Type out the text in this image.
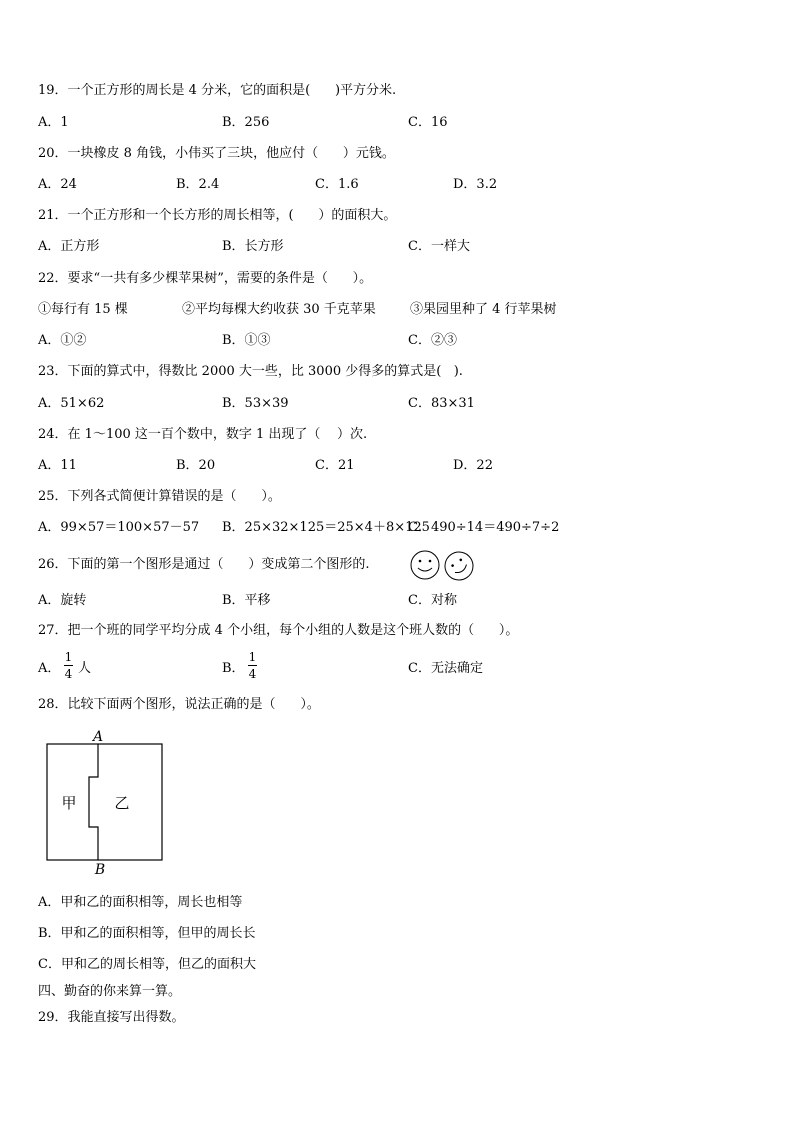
19．一个正方形的周长是 4 分米，它的面积是(      )平方分米.
A．1	B．256	C．16
20．一块橡皮 8 角钱，小伟买了三块，他应付（      ）元钱。
A．24	B．2.4	C．1.6	D．3.2
21．一个正方形和一个长方形的周长相等，(      ）的面积大。
A．正方形	B．长方形	C．一样大
22．要求“一共有多少棵苹果树”，需要的条件是（      ）。
①每行有 15 棵	②平均每棵大约收获 30 千克苹果	③果园里种了 4 行苹果树
A．①②	B．①③	C．②③
23．下面的算式中，得数比 2000 大一些，比 3000 少得多的算式是(   ).
A．51×62	B．53×39	C．83×31
24．在 1～100 这一百个数中，数字 1 出现了（    ）次.
A．11	B．20	C．21	D．22
25．下列各式简便计算错误的是（      ）。
A．99×57＝100×57－57 B．25×32×125＝25×4＋8×125
C．490÷14＝490÷7÷2
26．下面的第一个图形是通过（      ）变成第二个图形的.
A．旋转	B．平移	C．对称
27．把一个班的同学平均分成 4 个小组，每个小组的人数是这个班人数的（      ）。
A．
1
4 人	B．
1
4	C．无法确定
28．比较下面两个图形，说法正确的是（      ）。
A
B
甲	乙
A．甲和乙的面积相等，周长也相等
B．甲和乙的面积相等，但甲的周长长
C．甲和乙的周长相等，但乙的面积大
四、勤奋的你来算一算。
29．我能直接写出得数。
